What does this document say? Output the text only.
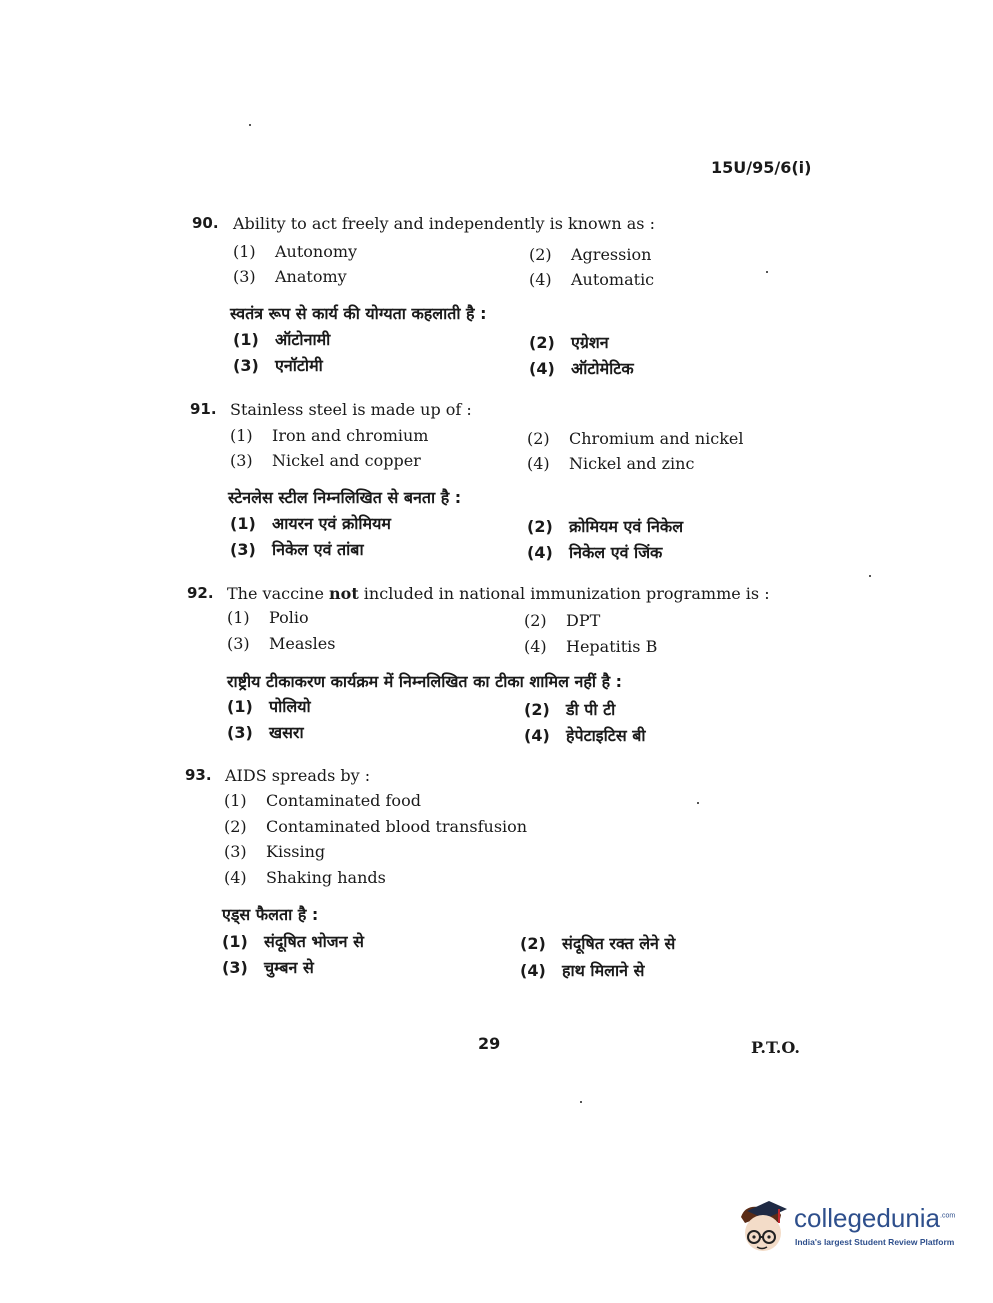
15U/95/6(i)
90. Ability to act freely and independently is known as :
(1) Autonomy	(2) Agression
(3) Anatomy	(4) Automatic
स्वतंत्र रूप से कार्य की योग्यता कहलाती है :
(1) ऑटोनामी	(2) एग्रेशन
(3) एनॉटोमी	(4) ऑटोमेटिक
91. Stainless steel is made up of :
(1) Iron and chromium	(2) Chromium and nickel
(3) Nickel and copper	(4) Nickel and zinc
स्टेनलेस स्टील निम्नलिखित से बनता है :
(1) आयरन एवं क्रोमियम	(2) क्रोमियम एवं निकेल
(3) निकेल एवं तांबा	(4) निकेल एवं जिंक
92. The vaccine not included in national immunization programme is :
(1) Polio	(2) DPT
(3) Measles	(4) Hepatitis B
राष्ट्रीय टीकाकरण कार्यक्रम में निम्नलिखित का टीका शामिल नहीं है :
(1) पोलियो	(2) डी पी टी
(3) खसरा	(4) हेपेटाइटिस बी
93. AIDS spreads by :
(1) Contaminated food
(2) Contaminated blood transfusion
(3) Kissing
(4) Shaking hands
एड्स फैलता है :
(1) संदूषित भोजन से	(2) संदूषित रक्त लेने से
(3) चुम्बन से	(4) हाथ मिलाने से
29	P.T.O.
collegedunia$^{.com}$
India's largest Student Review Platform
